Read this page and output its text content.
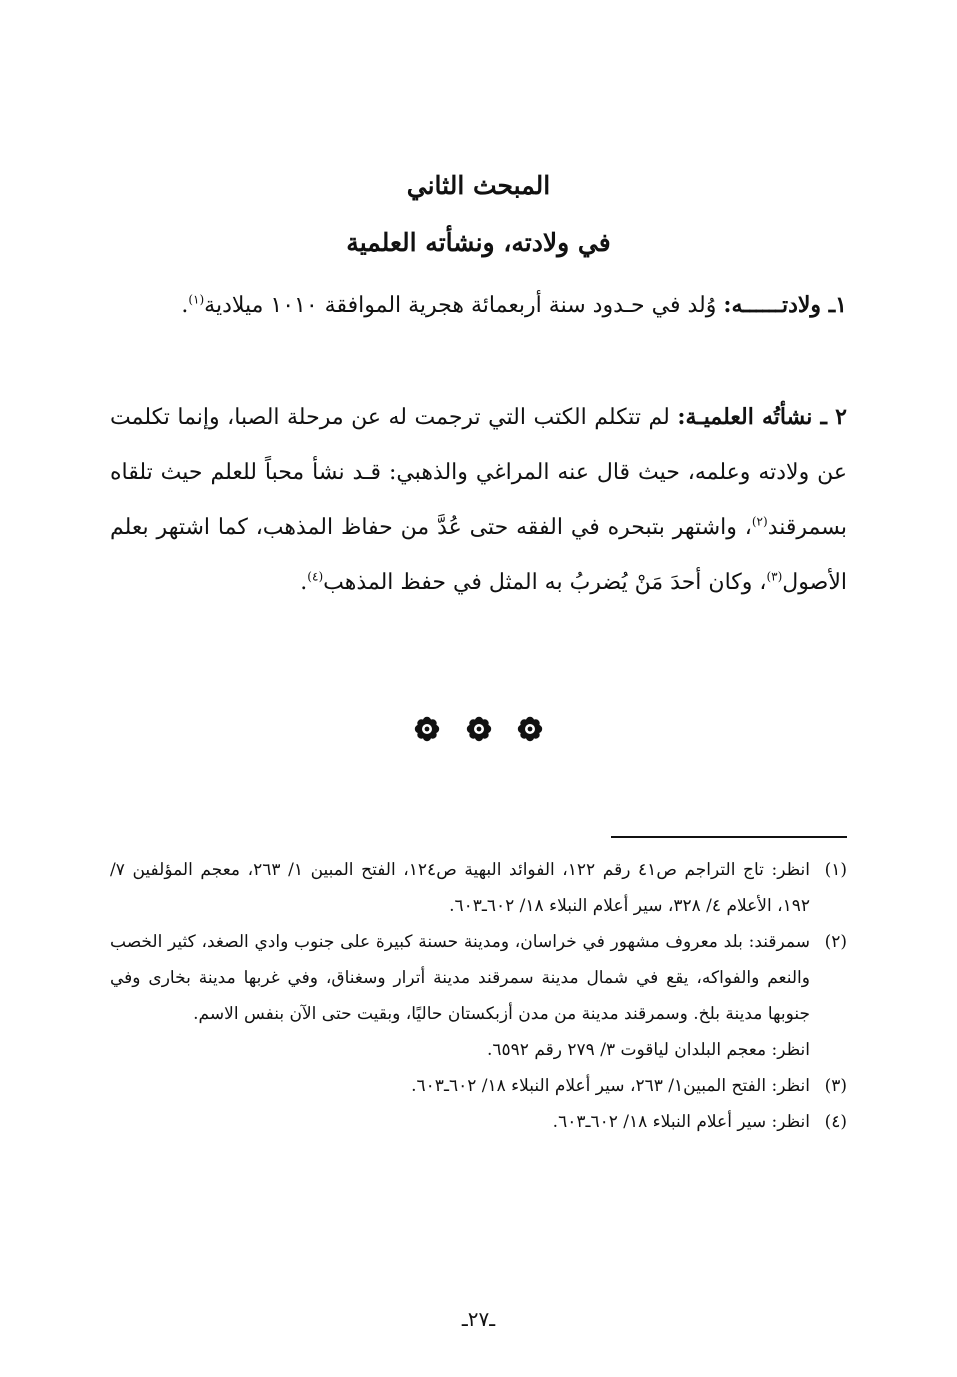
المبحث الثاني
في ولادته، ونشأته العلمية

١ـ ولادتــــــه: وُلد في حـدود سنة أربعمائة هجرية الموافقة ١٠١٠ ميلادية$^{(١)}$.

٢ ـ نشأتُه العلميـة: لم تتكلم الكتب التي ترجمت له عن مرحلة الصبا، وإنما تكلمت عن ولادته وعلمه، حيث قال عنه المراغي والذهبي: قـد نشأ محباً للعلم حيث تلقاه بسمرقند$^{(٢)}$، واشتهر بتبحره في الفقه حتى عُدَّ من حفاظ المذهب، كما اشتهر بعلم الأصول$^{(٣)}$، وكان أحدَ مَنْ يُضربُ به المثل في حفظ المذهب$^{(٤)}$.

(١)
انظر: تاج التراجم ص٤١ رقم ١٢٢، الفوائد البهية ص١٢٤، الفتح المبين ١/ ٢٦٣، معجم المؤلفين ٧/ ١٩٢، الأعلام ٤/ ٣٢٨، سير أعلام النبلاء ١٨/ ٦٠٢ـ٦٠٣.
(٢)
سمرقند: بلد معروف مشهور في خراسان، ومدينة حسنة كبيرة على جنوب وادي الصغد، كثير الخصب والنعم والفواكه، يقع في شمال مدينة سمرقند مدينة أترار وسغناق، وفي غربها مدينة بخارى وفي جنوبها مدينة بلخ. وسمرقند مدينة من مدن أزبكستان حاليًا، وبقيت حتى الآن بنفس الاسم.
انظر: معجم البلدان لياقوت ٣/ ٢٧٩ رقم ٦٥٩٢.
(٣)
انظر: الفتح المبين١/ ٢٦٣، سير أعلام النبلاء ١٨/ ٦٠٢ـ٦٠٣.
(٤)
انظر: سير أعلام النبلاء ١٨/ ٦٠٢ـ٦٠٣.
ـ٢٧ـ
